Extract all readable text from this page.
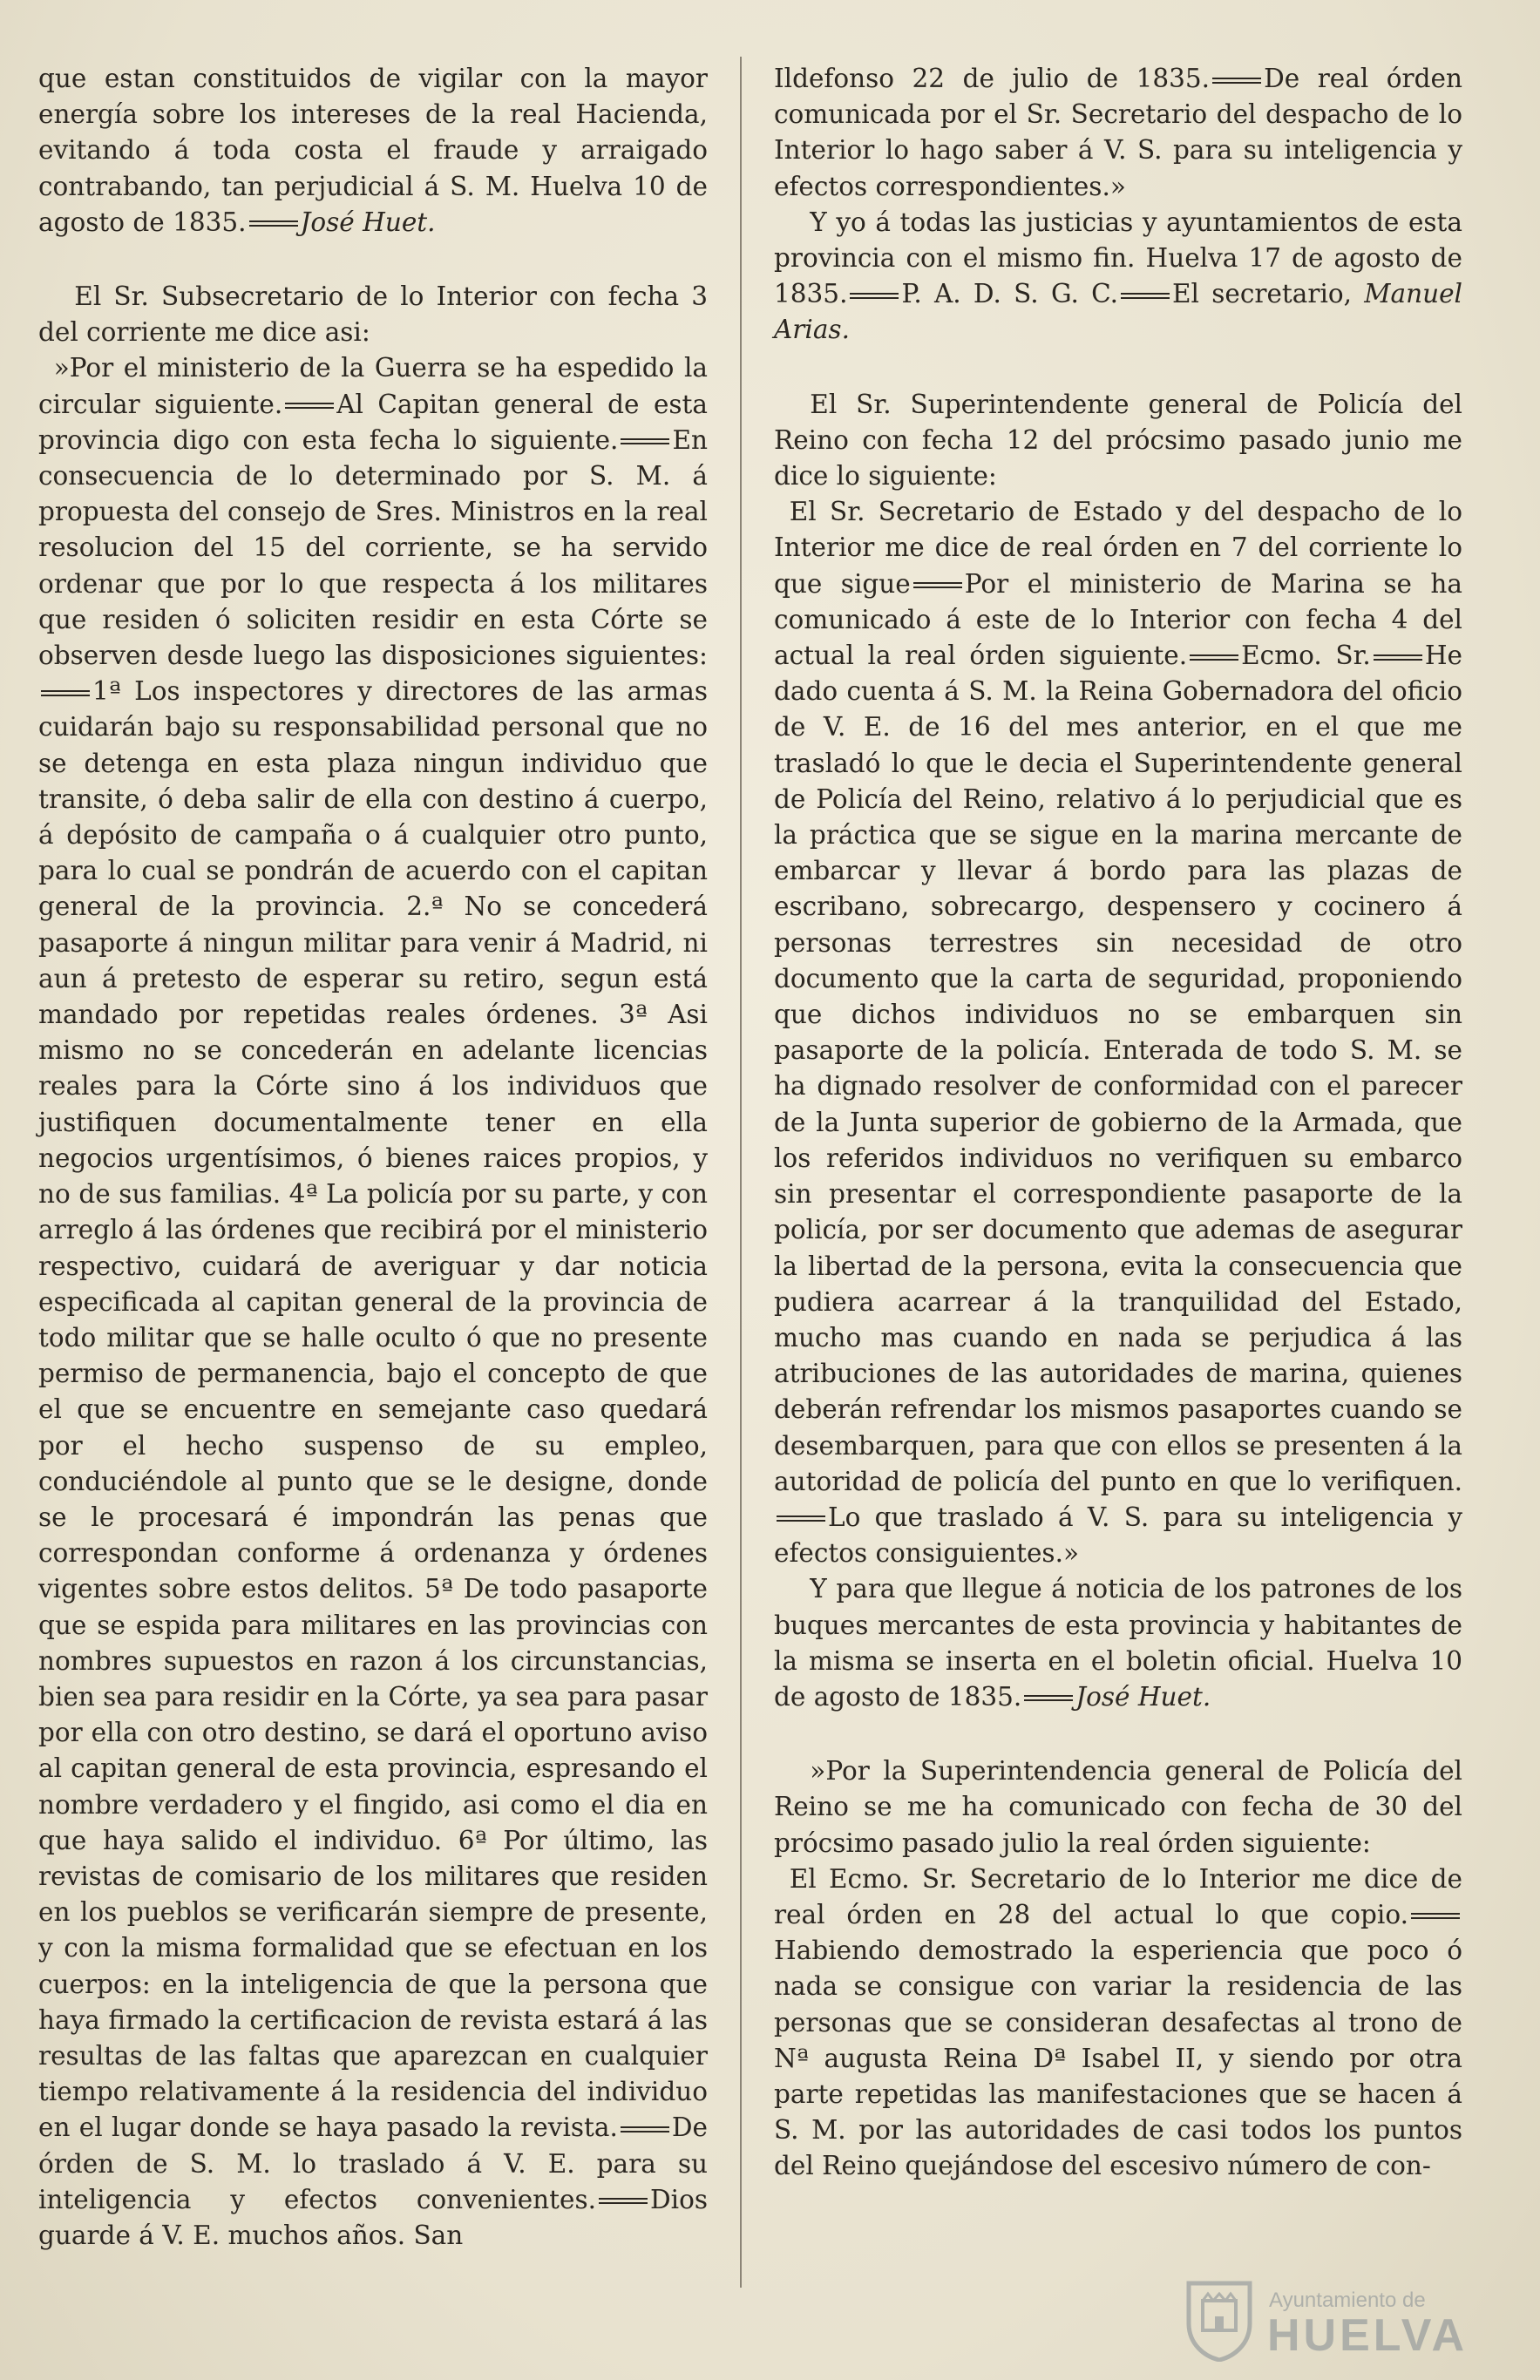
que estan constituidos de vigilar con la mayor energía sobre los intereses de la real Hacienda, evitando á toda costa el fraude y arraigado contrabando, tan perjudicial á S. M. Huelva 10 de agosto de 1835. José Huet.

El Sr. Subsecretario de lo Interior con fecha 3 del corriente me dice asi:

»Por el ministerio de la Guerra se ha espedido la circular siguiente. Al Capitan general de esta provincia digo con esta fecha lo siguiente. En consecuencia de lo determinado por S. M. á propuesta del consejo de Sres. Ministros en la real resolucion del 15 del corriente, se ha servido ordenar que por lo que respecta á los militares que residen ó soliciten residir en esta Córte se observen desde luego las disposiciones siguientes:1ª Los inspectores y directores de las armas cuidarán bajo su responsabilidad personal que no se detenga en esta plaza ningun individuo que transite, ó deba salir de ella con destino á cuerpo, á depósito de campaña o á cualquier otro punto, para lo cual se pondrán de acuerdo con el capitan general de la provincia. 2.ª No se concederá pasaporte á ningun militar para venir á Madrid, ni aun á pretesto de esperar su retiro, segun está mandado por repetidas reales órdenes. 3ª Asi mismo no se concederán en adelante licencias reales para la Córte sino á los individuos que justifiquen documentalmente tener en ella negocios urgentísimos, ó bienes raices propios, y no de sus familias. 4ª La policía por su parte, y con arreglo á las órdenes que recibirá por el ministerio respectivo, cuidará de averiguar y dar noticia especificada al capitan general de la provincia de todo militar que se halle oculto ó que no presente permiso de permanencia, bajo el concepto de que el que se encuentre en semejante caso quedará por el hecho suspenso de su empleo, conduciéndole al punto que se le designe, donde se le procesará é impondrán las penas que correspondan conforme á ordenanza y órdenes vigentes sobre estos delitos. 5ª De todo pasaporte que se espida para militares en las provincias con nombres supuestos en razon á los circunstancias, bien sea para residir en la Córte, ya sea para pasar por ella con otro destino, se dará el oportuno aviso al capitan general de esta provincia, espresando el nombre verdadero y el fingido, asi como el dia en que haya salido el individuo. 6ª Por último, las revistas de comisario de los militares que residen en los pueblos se verificarán siempre de presente, y con la misma formalidad que se efectuan en los cuerpos: en la inteligencia de que la persona que haya firmado la certificacion de revista estará á las resultas de las faltas que aparezcan en cualquier tiempo relativamente á la residencia del individuo en el lugar donde se haya pasado la revista. De órden de S. M. lo traslado á V. E. para su inteligencia y efectos convenientes. Dios guarde á V. E. muchos años. San

Ildefonso 22 de julio de 1835. De real órden comunicada por el Sr. Secretario del despacho de lo Interior lo hago saber á V. S. para su inteligencia y efectos correspondientes.»

Y yo á todas las justicias y ayuntamientos de esta provincia con el mismo fin. Huelva 17 de agosto de 1835. P. A. D. S. G. C. El secretario, Manuel Arias.

El Sr. Superintendente general de Policía del Reino con fecha 12 del prócsimo pasado junio me dice lo siguiente:

El Sr. Secretario de Estado y del despacho de lo Interior me dice de real órden en 7 del corriente lo que sigue Por el ministerio de Marina se ha comunicado á este de lo Interior con fecha 4 del actual la real órden siguiente. Ecmo. Sr. He dado cuenta á S. M. la Reina Gobernadora del oficio de V. E. de 16 del mes anterior, en el que me trasladó lo que le decia el Superintendente general de Policía del Reino, relativo á lo perjudicial que es la práctica que se sigue en la marina mercante de embarcar y llevar á bordo para las plazas de escribano, sobrecargo, despensero y cocinero á personas terrestres sin necesidad de otro documento que la carta de seguridad, proponiendo que dichos individuos no se embarquen sin pasaporte de la policía. Enterada de todo S. M. se ha dignado resolver de conformidad con el parecer de la Junta superior de gobierno de la Armada, que los referidos individuos no verifiquen su embarco sin presentar el correspondiente pasaporte de la policía, por ser documento que ademas de asegurar la libertad de la persona, evita la consecuencia que pudiera acarrear á la tranquilidad del Estado, mucho mas cuando en nada se perjudica á las atribuciones de las autoridades de marina, quienes deberán refrendar los mismos pasaportes cuando se desembarquen, para que con ellos se presenten á la autoridad de policía del punto en que lo verifiquen.Lo que traslado á V. S. para su inteligencia y efectos consiguientes.»

Y para que llegue á noticia de los patrones de los buques mercantes de esta provincia y habitantes de la misma se inserta en el boletin oficial. Huelva 10 de agosto de 1835. José Huet.

»Por la Superintendencia general de Policía del Reino se me ha comunicado con fecha de 30 del prócsimo pasado julio la real órden siguiente:

El Ecmo. Sr. Secretario de lo Interior me dice de real órden en 28 del actual lo que copio.Habiendo demostrado la esperiencia que poco ó nada se consigue con variar la residencia de las personas que se consideran desafectas al trono de Nª augusta Reina Dª Isabel II, y siendo por otra parte repetidas las manifestaciones que se hacen á S. M. por las autoridades de casi todos los puntos del Reino quejándose del escesivo número de con-

Ayuntamiento de
HUELVA
